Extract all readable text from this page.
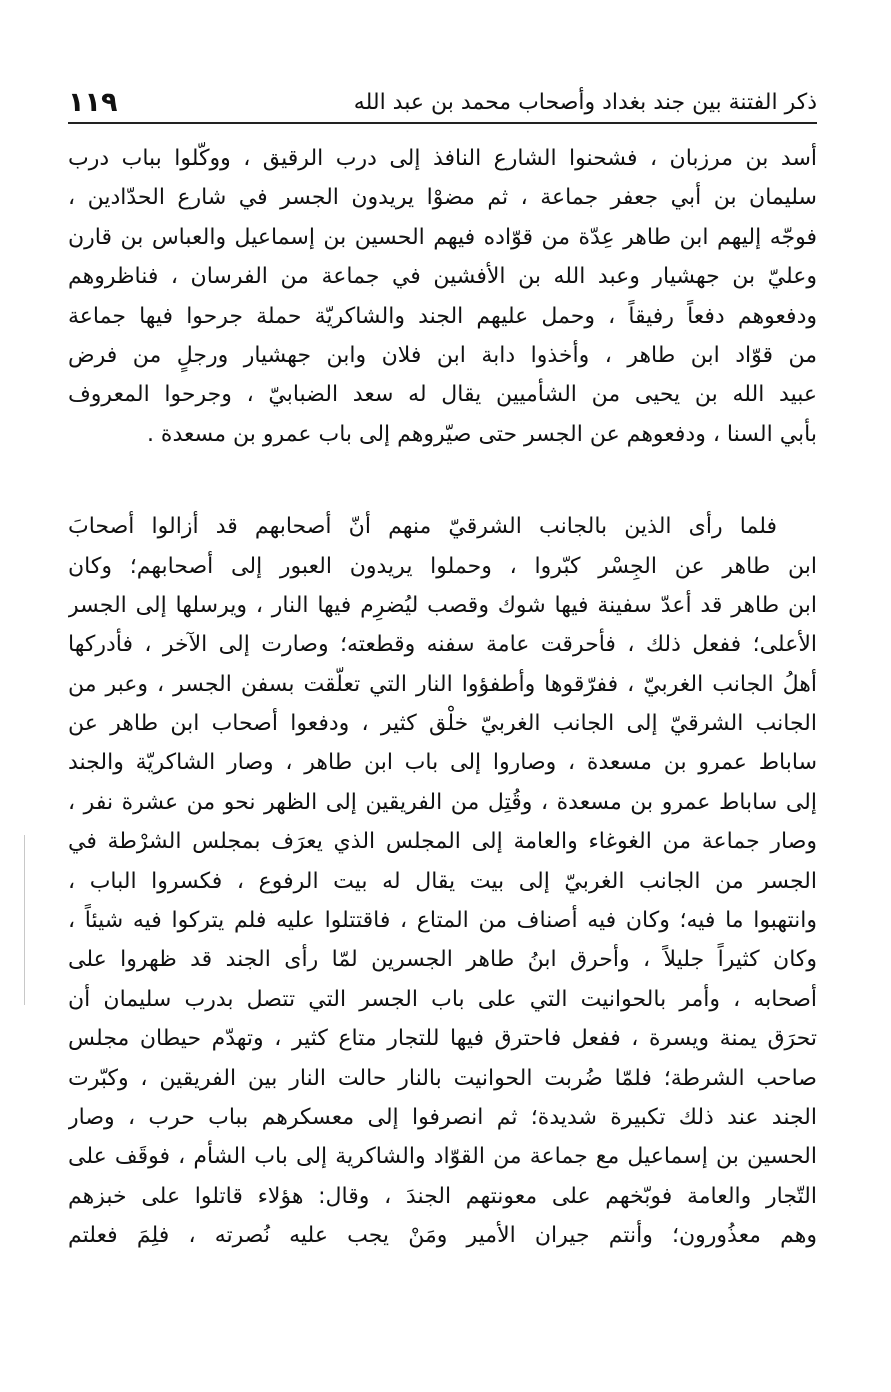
ذكر الفتنة بين جند بغداد وأصحاب محمد بن عبد الله
١١٩
أسد بن مرزبان ، فشحنوا الشارع النافذ إلى درب الرقيق ، ووكّلوا بباب درب
سليمان بن أبي جعفر جماعة ، ثم مضوْا يريدون الجسر في شارع الحدّادين ،
فوجّه إليهم ابن طاهر عِدّة من قوّاده فيهم الحسين بن إسماعيل والعباس بن قارن
وعليّ بن جهشيار وعبد الله بن الأفشين في جماعة من الفرسان ، فناظروهم
ودفعوهم دفعاً رفيقاً ، وحمل عليهم الجند والشاكريّة حملة جرحوا فيها جماعة
من قوّاد ابن طاهر ، وأخذوا دابة ابن فلان وابن جهشيار ورجلٍ من فرض
عبيد الله بن يحيى من الشأميين يقال له سعد الضبابيّ ، وجرحوا المعروف
بأبي السنا ، ودفعوهم عن الجسر حتى صيّروهم إلى باب عمرو بن مسعدة .
فلما رأى الذين بالجانب الشرقيّ منهم أنّ أصحابهم قد أزالوا أصحابَ
ابن طاهر عن الجِسْر كبّروا ، وحملوا يريدون العبور إلى أصحابهم؛ وكان
ابن طاهر قد أعدّ سفينة فيها شوك وقصب ليُضرِم فيها النار ، ويرسلها إلى الجسر
الأعلى؛ ففعل ذلك ، فأحرقت عامة سفنه وقطعته؛ وصارت إلى الآخر ، فأدركها
أهلُ الجانب الغربيّ ، ففرّقوها وأطفؤوا النار التي تعلّقت بسفن الجسر ، وعبر من
الجانب الشرقيّ إلى الجانب الغربيّ خلْق كثير ، ودفعوا أصحاب ابن طاهر عن
ساباط عمرو بن مسعدة ، وصاروا إلى باب ابن طاهر ، وصار الشاكريّة والجند
إلى ساباط عمرو بن مسعدة ، وقُتِل من الفريقين إلى الظهر نحو من عشرة نفر ،
وصار جماعة من الغوغاء والعامة إلى المجلس الذي يعرَف بمجلس الشرْطة في
الجسر من الجانب الغربيّ إلى بيت يقال له بيت الرفوع ، فكسروا الباب ،
وانتهبوا ما فيه؛ وكان فيه أصناف من المتاع ، فاقتتلوا عليه فلم يتركوا فيه شيئاً ،
وكان كثيراً جليلاً ، وأحرق ابنُ طاهر الجسرين لمّا رأى الجند قد ظهروا على
أصحابه ، وأمر بالحوانيت التي على باب الجسر التي تتصل بدرب سليمان أن
تحرَق يمنة ويسرة ، ففعل فاحترق فيها للتجار متاع كثير ، وتهدّم حيطان مجلس
صاحب الشرطة؛ فلمّا ضُربت الحوانيت بالنار حالت النار بين الفريقين ، وكبّرت
الجند عند ذلك تكبيرة شديدة؛ ثم انصرفوا إلى معسكرهم بباب حرب ، وصار
الحسين بن إسماعيل مع جماعة من القوّاد والشاكرية إلى باب الشأم ، فوقَف على
التّجار والعامة فوبّخهم على معونتهم الجندَ ، وقال: هؤلاء قاتلوا على خبزهم
وهم معذُورون؛ وأنتم جيران الأمير ومَنْ يجب عليه نُصرته ، فلِمَ فعلتم
